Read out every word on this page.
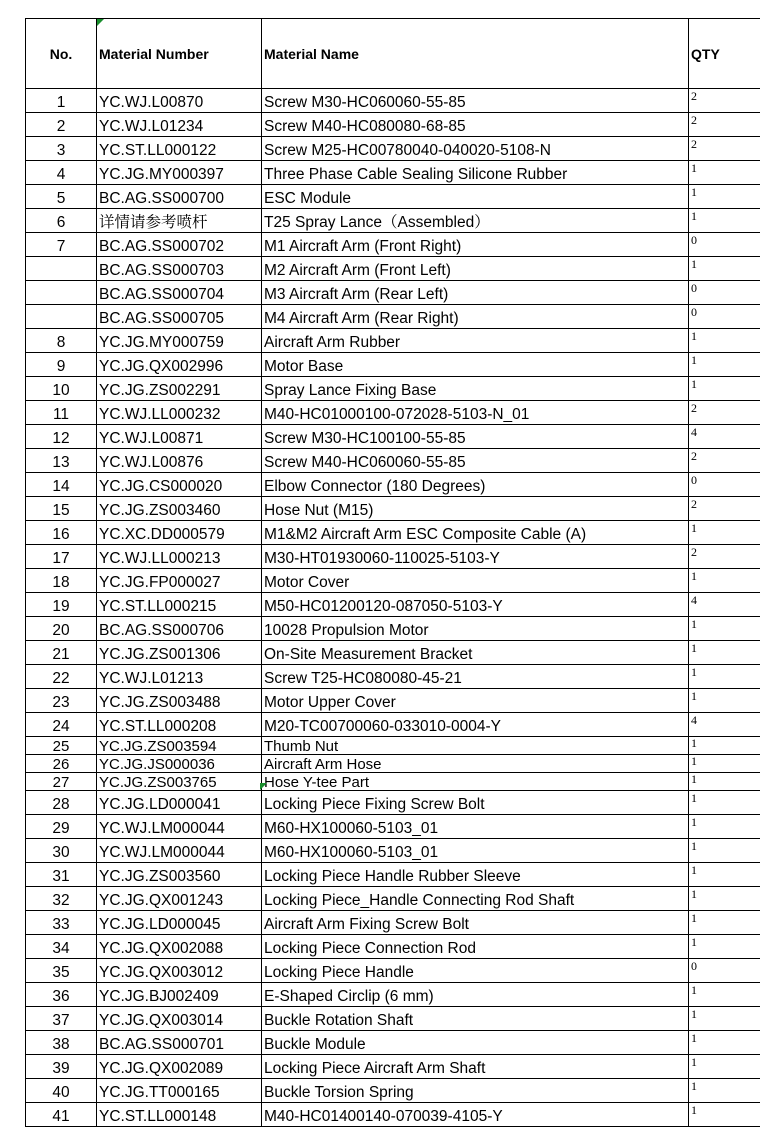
No.	Material Number	Material Name	QTY	
1	YC.WJ.L00870	Screw M30-HC060060-55-85	2	
2	YC.WJ.L01234	Screw M40-HC080080-68-85	2	
3	YC.ST.LL000122	Screw M25-HC00780040-040020-5108-N	2	
4	YC.JG.MY000397	Three Phase Cable Sealing Silicone Rubber	1	
5	BC.AG.SS000700	ESC Module	1	
6	详情请参考喷杆	T25 Spray Lance（Assembled）	1	
7	BC.AG.SS000702	M1 Aircraft Arm (Front Right)	0	
	BC.AG.SS000703	M2 Aircraft Arm (Front Left)	1	
	BC.AG.SS000704	M3 Aircraft Arm (Rear Left)	0	
	BC.AG.SS000705	M4 Aircraft Arm (Rear Right)	0	
8	YC.JG.MY000759	Aircraft Arm Rubber	1	
9	YC.JG.QX002996	Motor Base	1	
10	YC.JG.ZS002291	Spray Lance Fixing Base	1	
11	YC.WJ.LL000232	M40-HC01000100-072028-5103-N_01	2	
12	YC.WJ.L00871	Screw M30-HC100100-55-85	4	
13	YC.WJ.L00876	Screw M40-HC060060-55-85	2	
14	YC.JG.CS000020	Elbow Connector (180 Degrees)	0	
15	YC.JG.ZS003460	Hose Nut (M15)	2	
16	YC.XC.DD000579	M1&M2 Aircraft Arm ESC Composite Cable (A)	1	
17	YC.WJ.LL000213	M30-HT01930060-110025-5103-Y	2	
18	YC.JG.FP000027	Motor Cover	1	
19	YC.ST.LL000215	M50-HC01200120-087050-5103-Y	4	
20	BC.AG.SS000706	10028 Propulsion Motor	1	
21	YC.JG.ZS001306	On-Site Measurement Bracket	1	
22	YC.WJ.L01213	Screw T25-HC080080-45-21	1	
23	YC.JG.ZS003488	Motor Upper Cover	1	
24	YC.ST.LL000208	M20-TC00700060-033010-0004-Y	4	
25	YC.JG.ZS003594	Thumb Nut	1	
26	YC.JG.JS000036	Aircraft Arm Hose	1	
27	YC.JG.ZS003765	Hose Y-tee Part	1	
28	YC.JG.LD000041	Locking Piece Fixing Screw Bolt	1	
29	YC.WJ.LM000044	M60-HX100060-5103_01	1	
30	YC.WJ.LM000044	M60-HX100060-5103_01	1	
31	YC.JG.ZS003560	Locking Piece Handle Rubber Sleeve	1	
32	YC.JG.QX001243	Locking Piece_Handle Connecting Rod Shaft	1	
33	YC.JG.LD000045	Aircraft Arm Fixing Screw Bolt	1	
34	YC.JG.QX002088	Locking Piece Connection Rod	1	
35	YC.JG.QX003012	Locking Piece Handle	0	
36	YC.JG.BJ002409	E-Shaped Circlip (6 mm)	1	
37	YC.JG.QX003014	Buckle Rotation Shaft	1	
38	BC.AG.SS000701	Buckle Module	1	
39	YC.JG.QX002089	Locking Piece Aircraft Arm Shaft	1	
40	YC.JG.TT000165	Buckle Torsion Spring	1	
41	YC.ST.LL000148	M40-HC01400140-070039-4105-Y	1	
